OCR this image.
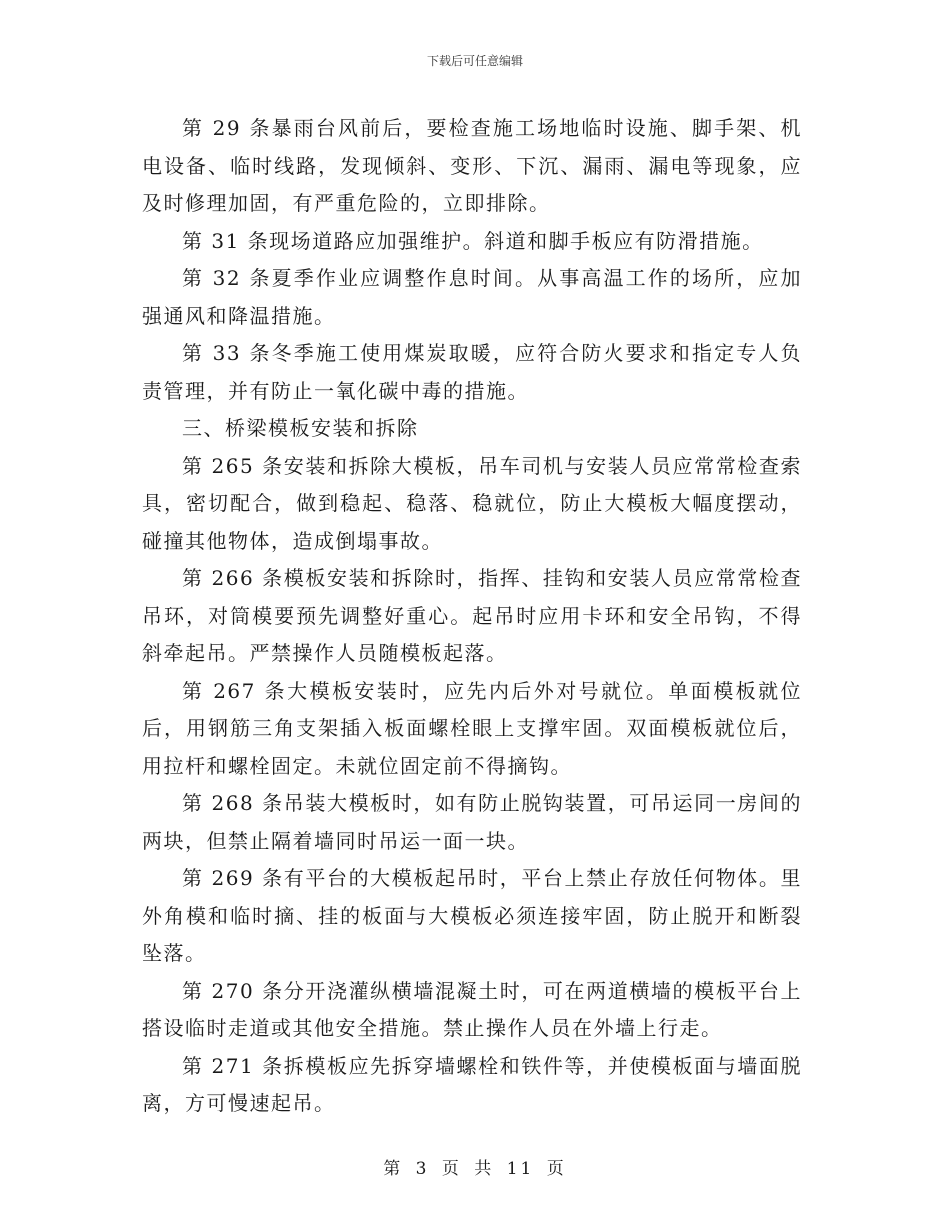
下载后可任意编辑

第 29 条暴雨台风前后，要检查施工场地临时设施、脚手架、机电设备、临时线路，发现倾斜、变形、下沉、漏雨、漏电等现象，应及时修理加固，有严重危险的，立即排除。

第 31 条现场道路应加强维护。斜道和脚手板应有防滑措施。

第 32 条夏季作业应调整作息时间。从事高温工作的场所，应加强通风和降温措施。

第 33 条冬季施工使用煤炭取暖，应符合防火要求和指定专人负责管理，并有防止一氧化碳中毒的措施。

三、桥梁模板安装和拆除

第 265 条安装和拆除大模板，吊车司机与安装人员应常常检查索具，密切配合，做到稳起、稳落、稳就位，防止大模板大幅度摆动，碰撞其他物体，造成倒塌事故。

第 266 条模板安装和拆除时，指挥、挂钩和安装人员应常常检查吊环，对筒模要预先调整好重心。起吊时应用卡环和安全吊钩，不得斜牵起吊。严禁操作人员随模板起落。

第 267 条大模板安装时，应先内后外对号就位。单面模板就位后，用钢筋三角支架插入板面螺栓眼上支撑牢固。双面模板就位后，用拉杆和螺栓固定。未就位固定前不得摘钩。

第 268 条吊装大模板时，如有防止脱钩装置，可吊运同一房间的两块，但禁止隔着墙同时吊运一面一块。

第 269 条有平台的大模板起吊时，平台上禁止存放任何物体。里外角模和临时摘、挂的板面与大模板必须连接牢固，防止脱开和断裂坠落。

第 270 条分开浇灌纵横墙混凝土时，可在两道横墙的模板平台上搭设临时走道或其他安全措施。禁止操作人员在外墙上行走。

第 271 条拆模板应先拆穿墙螺栓和铁件等，并使模板面与墙面脱离，方可慢速起吊。

第 3 页 共 11 页
